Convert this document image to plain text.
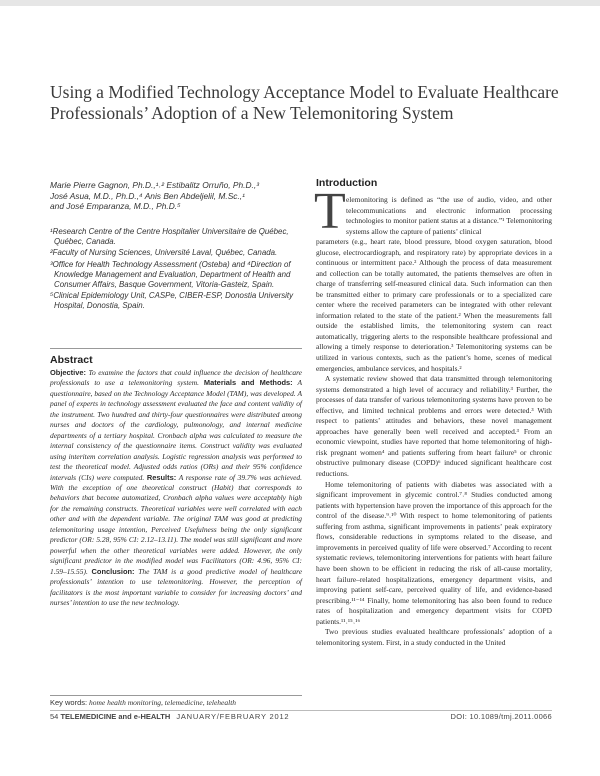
Using a Modified Technology Acceptance Model to Evaluate Healthcare Professionals’ Adoption of a New Telemonitoring System
Marie Pierre Gagnon, Ph.D.,¹˒² Estibalitz Orruño, Ph.D.,³
José Asua, M.D., Ph.D.,⁴ Anis Ben Abdeljelil, M.Sc.,¹
and José Emparanza, M.D., Ph.D.⁵

¹Research Centre of the Centre Hospitalier Universitaire de Québec, Québec, Canada.

²Faculty of Nursing Sciences, Université Laval, Québec, Canada.

³Office for Health Technology Assessment (Osteba) and ⁴Direction of Knowledge Management and Evaluation, Department of Health and Consumer Affairs, Basque Government, Vitoria-Gasteiz, Spain.

⁵Clinical Epidemiology Unit, CASPe, CIBER-ESP, Donostia University Hospital, Donostia, Spain.

Abstract

Objective: To examine the factors that could influence the decision of healthcare professionals to use a telemonitoring system. Materials and Methods: A questionnaire, based on the Technology Acceptance Model (TAM), was developed. A panel of experts in technology assessment evaluated the face and content validity of the instrument. Two hundred and thirty-four questionnaires were distributed among nurses and doctors of the cardiology, pulmonology, and internal medicine departments of a tertiary hospital. Cronbach alpha was calculated to measure the internal consistency of the questionnaire items. Construct validity was evaluated using interitem correlation analysis. Logistic regression analysis was performed to test the theoretical model. Adjusted odds ratios (ORs) and their 95% confidence intervals (CIs) were computed. Results: A response rate of 39.7% was achieved. With the exception of one theoretical construct (Habit) that corresponds to behaviors that become automatized, Cronbach alpha values were acceptably high for the remaining constructs. Theoretical variables were well correlated with each other and with the dependent variable. The original TAM was good at predicting telemonitoring usage intention, Perceived Usefulness being the only significant predictor (OR: 5.28, 95% CI: 2.12–13.11). The model was still significant and more powerful when the other theoretical variables were added. However, the only significant predictor in the modified model was Facilitators (OR: 4.96, 95% CI: 1.59–15.55). Conclusion: The TAM is a good predictive model of healthcare professionals’ intention to use telemonitoring. However, the perception of facilitators is the most important variable to consider for increasing doctors’ and nurses’ intention to use the new technology.

Key words: home health monitoring, telemedicine, telehealth

Introduction
T elemonitoring is defined as “the use of audio, video, and other telecommunications and electronic information processing technologies to monitor patient status at a distance.”¹ Telemonitoring systems allow the capture of patients’ clinical

parameters (e.g., heart rate, blood pressure, blood oxygen saturation, blood glucose, electrocardiograph, and respiratory rate) by appropriate devices in a continuous or intermittent pace.² Although the process of data measurement and collection can be totally automated, the patients themselves are often in charge of transferring self-measured clinical data. Such information can then be transmitted either to primary care professionals or to a specialized care center where the received parameters can be integrated with other relevant information related to the state of the patient.² When the measurements fall outside the established limits, the telemonitoring system can react automatically, triggering alerts to the responsible healthcare professional and allowing a timely response to deterioration.³ Telemonitoring systems can be utilized in various contexts, such as the patient’s home, scenes of medical emergencies, ambulance services, and hospitals.²

A systematic review showed that data transmitted through telemonitoring systems demonstrated a high level of accuracy and reliability.³ Further, the processes of data transfer of various telemonitoring systems have proven to be effective, and limited technical problems and errors were detected.³ With respect to patients’ attitudes and behaviors, these novel management approaches have generally been well received and accepted.³ From an economic viewpoint, studies have reported that home telemonitoring of high-risk pregnant women⁴ and patients suffering from heart failure⁵ or chronic obstructive pulmonary disease (COPD)⁶ induced significant healthcare cost reductions.

Home telemonitoring of patients with diabetes was associated with a significant improvement in glycemic control.⁷˒⁸ Studies conducted among patients with hypertension have proven the importance of this approach for the control of the disease.⁹˒¹⁰ With respect to home telemonitoring of patients suffering from asthma, significant improvements in patients’ peak expiratory flows, considerable reductions in symptoms related to the disease, and improvements in perceived quality of life were observed.⁷ According to recent systematic reviews, telemonitoring interventions for patients with heart failure have been shown to be efficient in reducing the risk of all-cause mortality, heart failure–related hospitalizations, emergency department visits, and improving patient self-care, perceived quality of life, and evidence-based prescribing.¹¹⁻¹⁴ Finally, home telemonitoring has also been found to reduce rates of hospitalization and emergency department visits for COPD patients.¹¹˒¹⁵˒¹⁶

Two previous studies evaluated healthcare professionals’ adoption of a telemonitoring system. First, in a study conducted in the United

54 TELEMEDICINE and e-HEALTH JANUARY/FEBRUARY 2012	DOI: 10.1089/tmj.2011.0066
